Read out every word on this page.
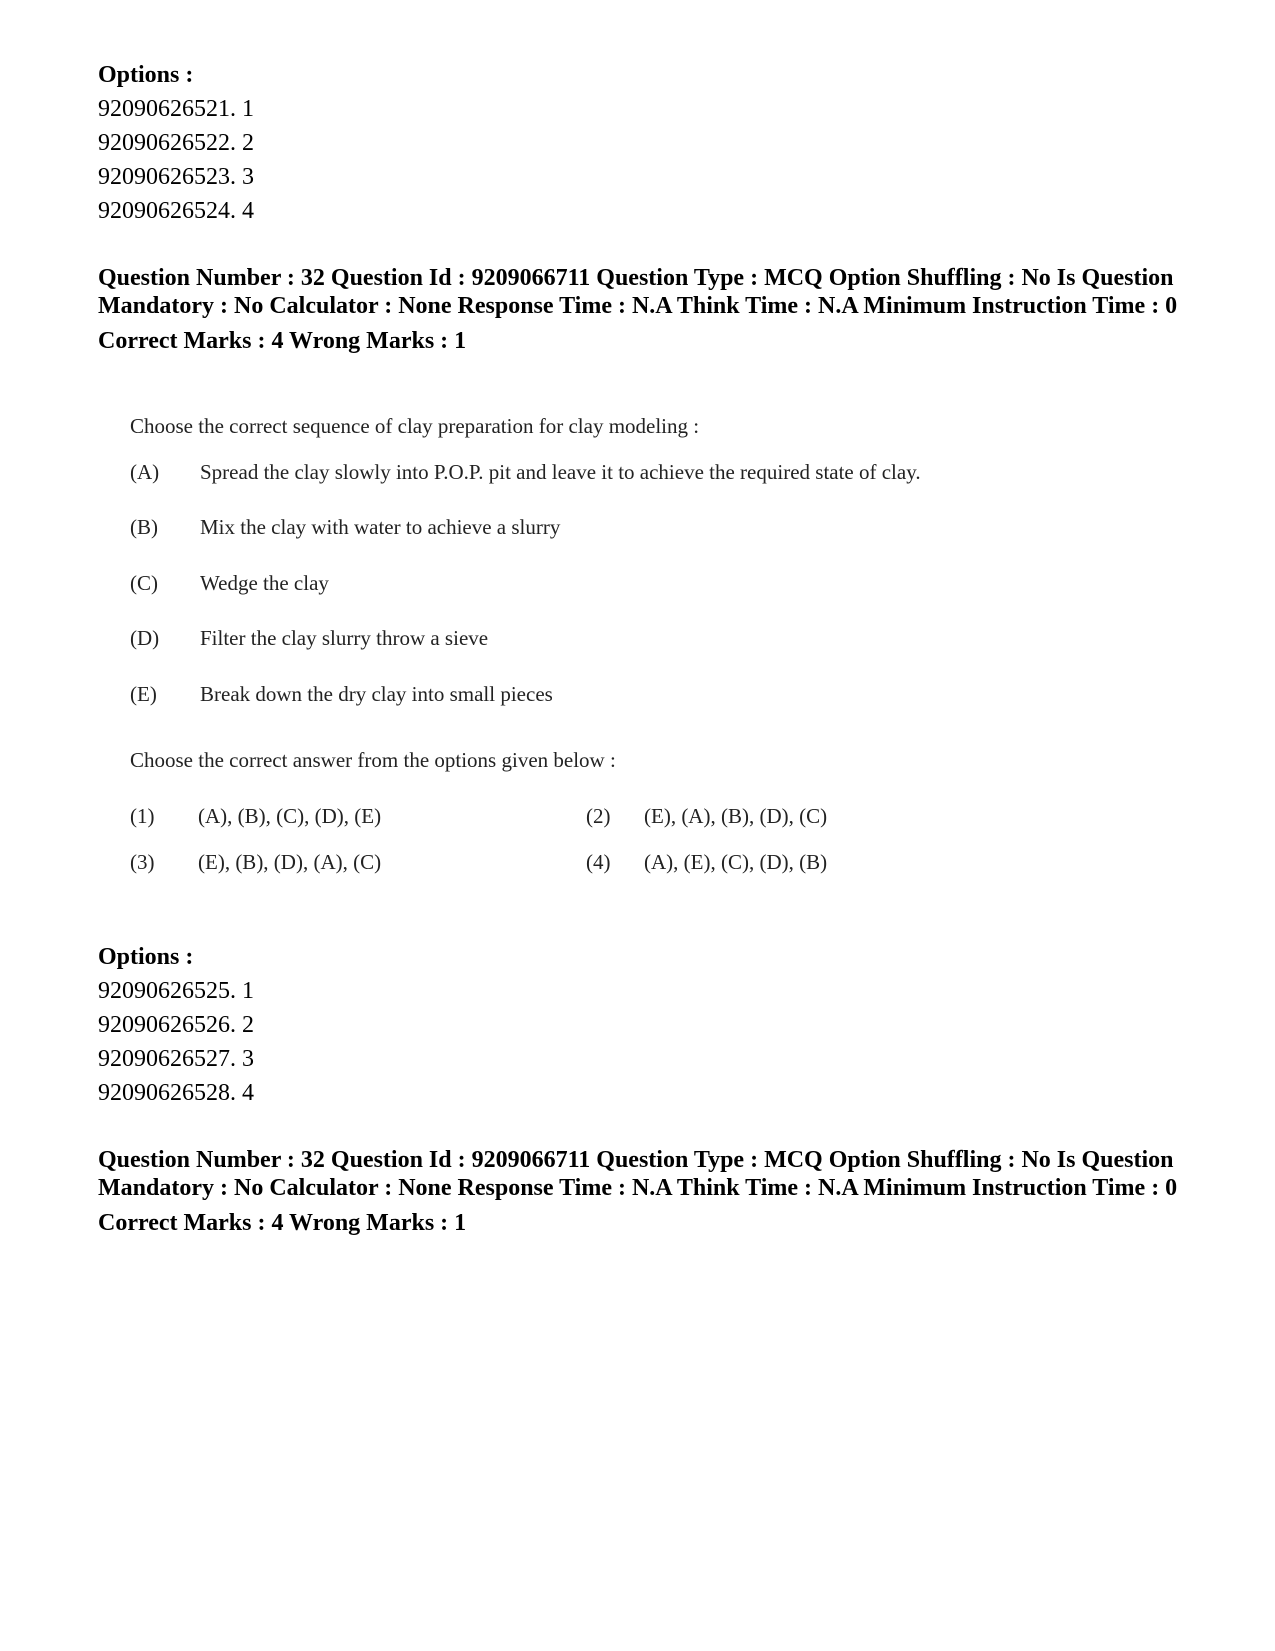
Options :
92090626521. 1
92090626522. 2
92090626523. 3
92090626524. 4
Question Number : 32 Question Id : 9209066711 Question Type : MCQ Option Shuffling : No Is Question Mandatory : No Calculator : None Response Time : N.A Think Time : N.A Minimum Instruction Time : 0
Correct Marks : 4 Wrong Marks : 1
Choose the correct sequence of clay preparation for clay modeling :
(A)	Spread the clay slowly into P.O.P. pit and leave it to achieve the required state of clay.
(B)	Mix the clay with water to achieve a slurry
(C)	Wedge the clay
(D)	Filter the clay slurry throw a sieve
(E)	Break down the dry clay into small pieces
Choose the correct answer from the options given below :
(1) (A), (B), (C), (D), (E)	(2) (E), (A), (B), (D), (C)
(3) (E), (B), (D), (A), (C)	(4) (A), (E), (C), (D), (B)
Options :
92090626525. 1
92090626526. 2
92090626527. 3
92090626528. 4
Question Number : 32 Question Id : 9209066711 Question Type : MCQ Option Shuffling : No Is Question Mandatory : No Calculator : None Response Time : N.A Think Time : N.A Minimum Instruction Time : 0
Correct Marks : 4 Wrong Marks : 1
